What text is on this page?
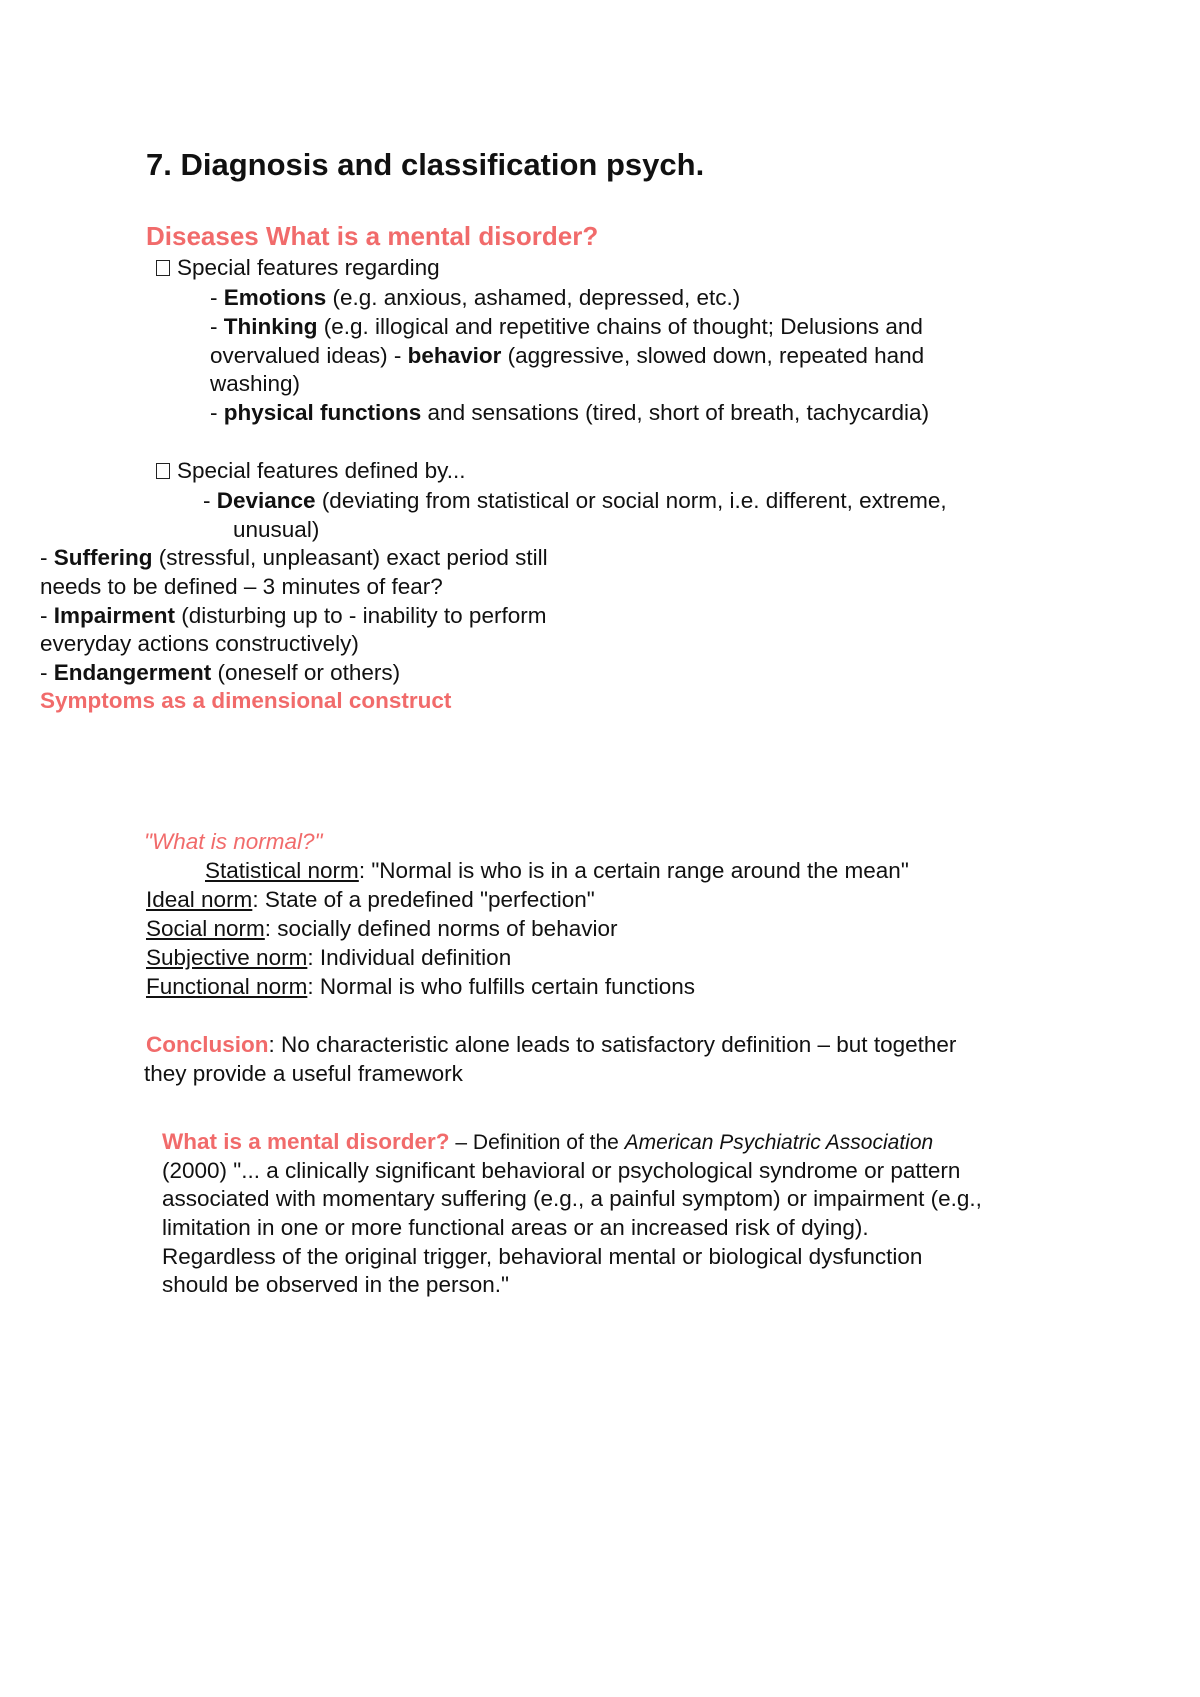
7. Diagnosis and classification psych.
Diseases What is a mental disorder?
Special features regarding
- Emotions (e.g. anxious, ashamed, depressed, etc.)
- Thinking (e.g. illogical and repetitive chains of thought; Delusions and
overvalued ideas) - behavior (aggressive, slowed down, repeated hand
washing)
- physical functions and sensations (tired, short of breath, tachycardia)
Special features defined by...
- Deviance (deviating from statistical or social norm, i.e. different, extreme,
unusual)
- Suffering (stressful, unpleasant) exact period still
needs to be defined – 3 minutes of fear?
- Impairment (disturbing up to - inability to perform
everyday actions constructively)
- Endangerment (oneself or others)
Symptoms as a dimensional construct
"What is normal?"
Statistical norm: "Normal is who is in a certain range around the mean"
Ideal norm: State of a predefined "perfection"
Social norm: socially defined norms of behavior
Subjective norm: Individual definition
Functional norm: Normal is who fulfills certain functions
Conclusion: No characteristic alone leads to satisfactory definition – but together
they provide a useful framework
What is a mental disorder? – Definition of the American Psychiatric Association
(2000) "... a clinically significant behavioral or psychological syndrome or pattern
associated with momentary suffering (e.g., a painful symptom) or impairment (e.g.,
limitation in one or more functional areas or an increased risk of dying).
Regardless of the original trigger, behavioral mental or biological dysfunction
should be observed in the person."
